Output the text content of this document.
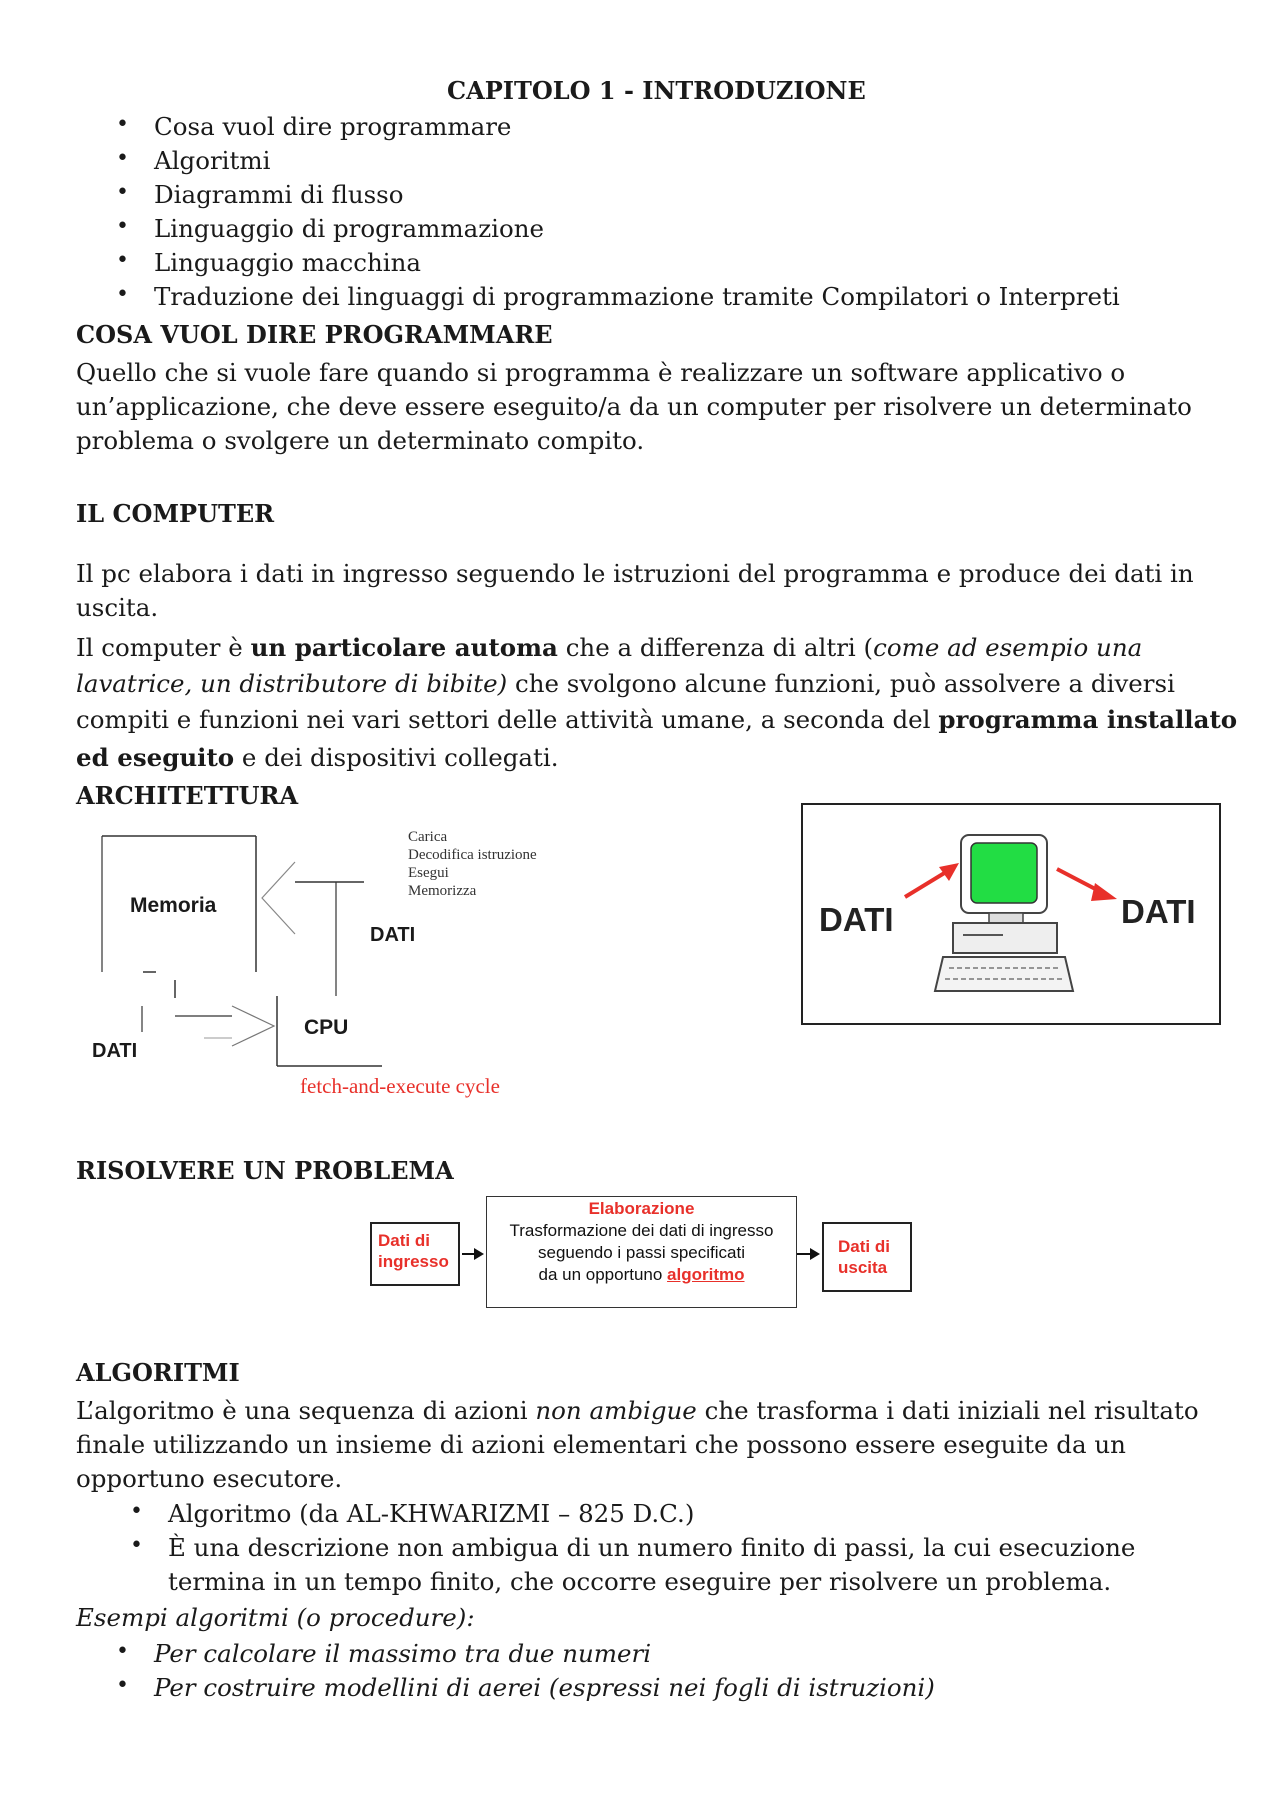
CAPITOLO 1 - INTRODUZIONE
• Cosa vuol dire programmare
• Algoritmi
• Diagrammi di flusso
• Linguaggio di programmazione
• Linguaggio macchina
• Traduzione dei linguaggi di programmazione tramite Compilatori o Interpreti
COSA VUOL DIRE PROGRAMMARE
Quello che si vuole fare quando si programma è realizzare un software applicativo o
un’applicazione, che deve essere eseguito/a da un computer per risolvere un determinato
problema o svolgere un determinato compito.
IL COMPUTER
Il pc elabora i dati in ingresso seguendo le istruzioni del programma e produce dei dati in
uscita.
Il computer è un particolare automa che a differenza di altri (come ad esempio una
lavatrice, un distributore di bibite) che svolgono alcune funzioni, può assolvere a diversi
compiti e funzioni nei vari settori delle attività umane, a seconda del programma installato
ed eseguito e dei dispositivi collegati.
ARCHITETTURA
Memoria
CPU
DATI
DATI
Carica
Decodifica istruzione
Esegui
Memorizza
fetch-and-execute cycle
DATI	DATI
RISOLVERE UN PROBLEMA
Dati di
ingresso
Elaborazione
Trasformazione dei dati di ingresso
seguendo i passi specificati
da un opportuno algoritmo
Dati di
uscita
ALGORITMI
L’algoritmo è una sequenza di azioni non ambigue che trasforma i dati iniziali nel risultato
finale utilizzando un insieme di azioni elementari che possono essere eseguite da un
opportuno esecutore.
• Algoritmo (da AL-KHWARIZMI – 825 D.C.)
• È una descrizione non ambigua di un numero finito di passi, la cui esecuzione
termina in un tempo finito, che occorre eseguire per risolvere un problema.
Esempi algoritmi (o procedure):
• Per calcolare il massimo tra due numeri
• Per costruire modellini di aerei (espressi nei fogli di istruzioni)
